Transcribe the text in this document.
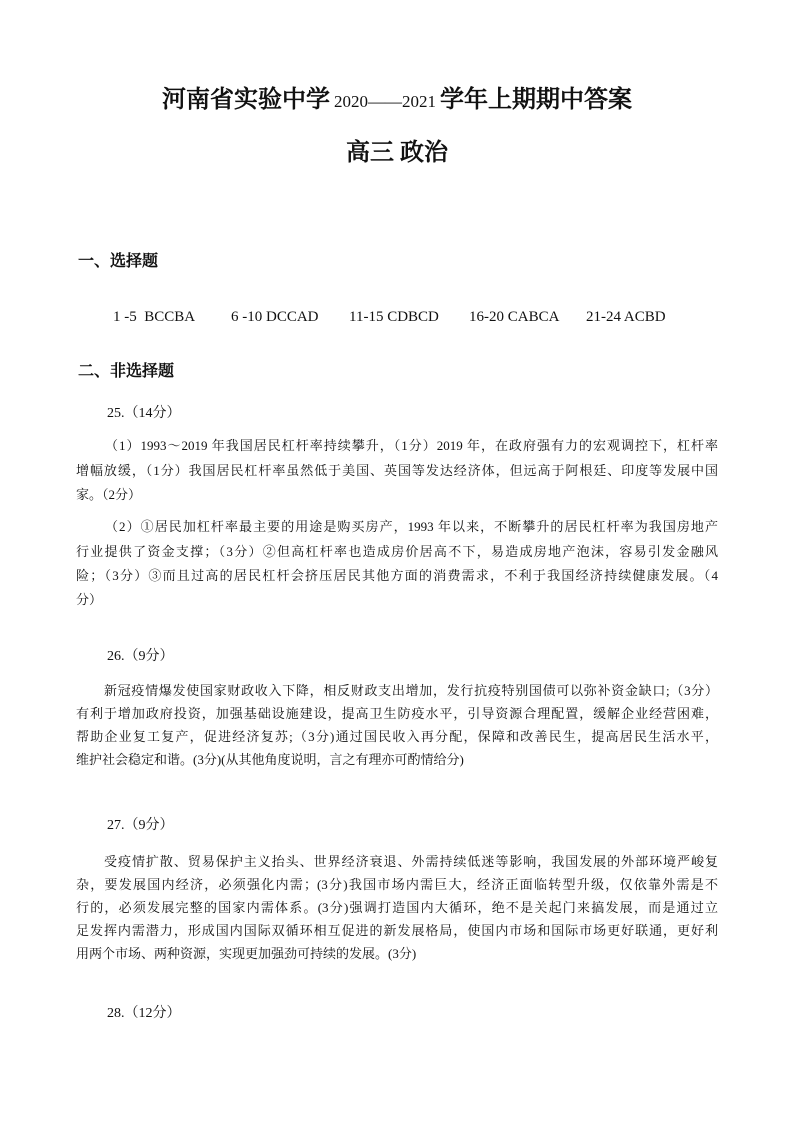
河南省实验中学 2020——2021 学年上期期中答案
高三 政治
一、选择题
1 -5  BCCBA 6 -10 DCCAD 11-15 CDBCD 16-20 CABCA 21-24 ACBD
二、非选择题
25.（14分）
（1）1993～2019 年我国居民杠杆率持续攀升，（1分）2019 年，在政府强有力的宏观调控下，杠杆率
增幅放缓，（1分）我国居民杠杆率虽然低于美国、英国等发达经济体，但远高于阿根廷、印度等发展中国
家。（2分）
（2）①居民加杠杆率最主要的用途是购买房产，1993 年以来，不断攀升的居民杠杆率为我国房地产
行业提供了资金支撑；（3分）②但高杠杆率也造成房价居高不下，易造成房地产泡沫，容易引发金融风
险；（3分）③而且过高的居民杠杆会挤压居民其他方面的消费需求，不利于我国经济持续健康发展。（4
分）
26.（9分）
新冠疫情爆发使国家财政收入下降，相反财政支出增加，发行抗疫特别国债可以弥补资金缺口;（3分）
有利于增加政府投资，加强基础设施建设，提高卫生防疫水平，引导资源合理配置，缓解企业经营困难，
帮助企业复工复产，促进经济复苏;（3分)通过国民收入再分配，保障和改善民生，提高居民生活水平，
维护社会稳定和谐。(3分)(从其他角度说明，言之有理亦可酌情给分)
27.（9分）
受疫情扩散、贸易保护主义抬头、世界经济衰退、外需持续低迷等影响，我国发展的外部环境严峻复
杂，要发展国内经济，必须强化内需；(3分)我国市场内需巨大，经济正面临转型升级，仅依靠外需是不
行的，必须发展完整的国家内需体系。(3分)强调打造国内大循环，绝不是关起门来搞发展，而是通过立
足发挥内需潜力，形成国内国际双循环相互促进的新发展格局，使国内市场和国际市场更好联通，更好利
用两个市场、两种资源，实现更加强劲可持续的发展。(3分)
28.（12分）
